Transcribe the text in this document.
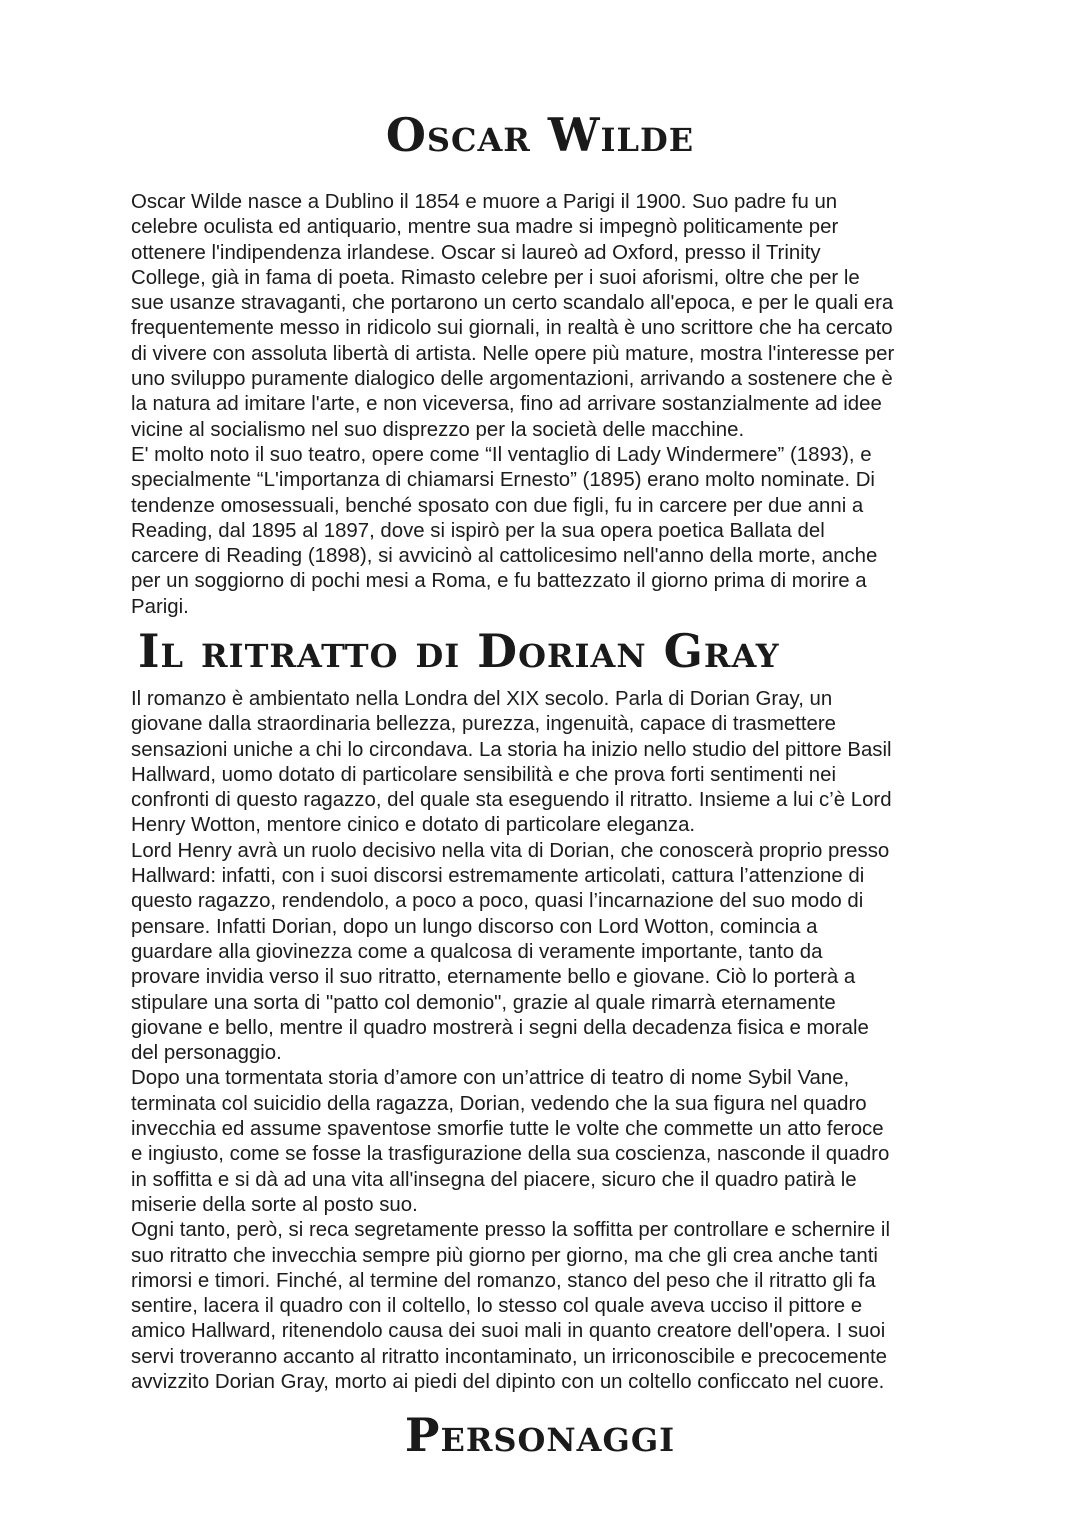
Oscar Wilde

Oscar Wilde nasce a Dublino il 1854 e muore a Parigi il 1900. Suo padre fu un
celebre oculista ed antiquario, mentre sua madre si impegnò politicamente per
ottenere l'indipendenza irlandese. Oscar si laureò ad Oxford, presso il Trinity
College, già in fama di poeta. Rimasto celebre per i suoi aforismi, oltre che per le
sue usanze stravaganti, che portarono un certo scandalo all'epoca, e per le quali era
frequentemente messo in ridicolo sui giornali, in realtà è uno scrittore che ha cercato
di vivere con assoluta libertà di artista. Nelle opere più mature, mostra l'interesse per
uno sviluppo puramente dialogico delle argomentazioni, arrivando a sostenere che è
la natura ad imitare l'arte, e non viceversa, fino ad arrivare sostanzialmente ad idee
vicine al socialismo nel suo disprezzo per la società delle macchine.
E' molto noto il suo teatro, opere come “Il ventaglio di Lady Windermere” (1893), e
specialmente “L'importanza di chiamarsi Ernesto” (1895) erano molto nominate. Di
tendenze omosessuali, benché sposato con due figli, fu in carcere per due anni a
Reading, dal 1895 al 1897, dove si ispirò per la sua opera poetica Ballata del
carcere di Reading (1898), si avvicinò al cattolicesimo nell'anno della morte, anche
per un soggiorno di pochi mesi a Roma, e fu battezzato il giorno prima di morire a
Parigi.

Il ritratto di Dorian Gray

Il romanzo è ambientato nella Londra del XIX secolo. Parla di Dorian Gray, un
giovane dalla straordinaria bellezza, purezza, ingenuità, capace di trasmettere
sensazioni uniche a chi lo circondava. La storia ha inizio nello studio del pittore Basil
Hallward, uomo dotato di particolare sensibilità e che prova forti sentimenti nei
confronti di questo ragazzo, del quale sta eseguendo il ritratto. Insieme a lui c’è Lord
Henry Wotton, mentore cinico e dotato di particolare eleganza.
Lord Henry avrà un ruolo decisivo nella vita di Dorian, che conoscerà proprio presso
Hallward: infatti, con i suoi discorsi estremamente articolati, cattura l’attenzione di
questo ragazzo, rendendolo, a poco a poco, quasi l’incarnazione del suo modo di
pensare. Infatti Dorian, dopo un lungo discorso con Lord Wotton, comincia a
guardare alla giovinezza come a qualcosa di veramente importante, tanto da
provare invidia verso il suo ritratto, eternamente bello e giovane. Ciò lo porterà a
stipulare una sorta di "patto col demonio", grazie al quale rimarrà eternamente
giovane e bello, mentre il quadro mostrerà i segni della decadenza fisica e morale
del personaggio.
Dopo una tormentata storia d’amore con un’attrice di teatro di nome Sybil Vane,
terminata col suicidio della ragazza, Dorian, vedendo che la sua figura nel quadro
invecchia ed assume spaventose smorfie tutte le volte che commette un atto feroce
e ingiusto, come se fosse la trasfigurazione della sua coscienza, nasconde il quadro
in soffitta e si dà ad una vita all'insegna del piacere, sicuro che il quadro patirà le
miserie della sorte al posto suo.
Ogni tanto, però, si reca segretamente presso la soffitta per controllare e schernire il
suo ritratto che invecchia sempre più giorno per giorno, ma che gli crea anche tanti
rimorsi e timori. Finché, al termine del romanzo, stanco del peso che il ritratto gli fa
sentire, lacera il quadro con il coltello, lo stesso col quale aveva ucciso il pittore e
amico Hallward, ritenendolo causa dei suoi mali in quanto creatore dell'opera. I suoi
servi troveranno accanto al ritratto incontaminato, un irriconoscibile e precocemente
avvizzito Dorian Gray, morto ai piedi del dipinto con un coltello conficcato nel cuore.

Personaggi
